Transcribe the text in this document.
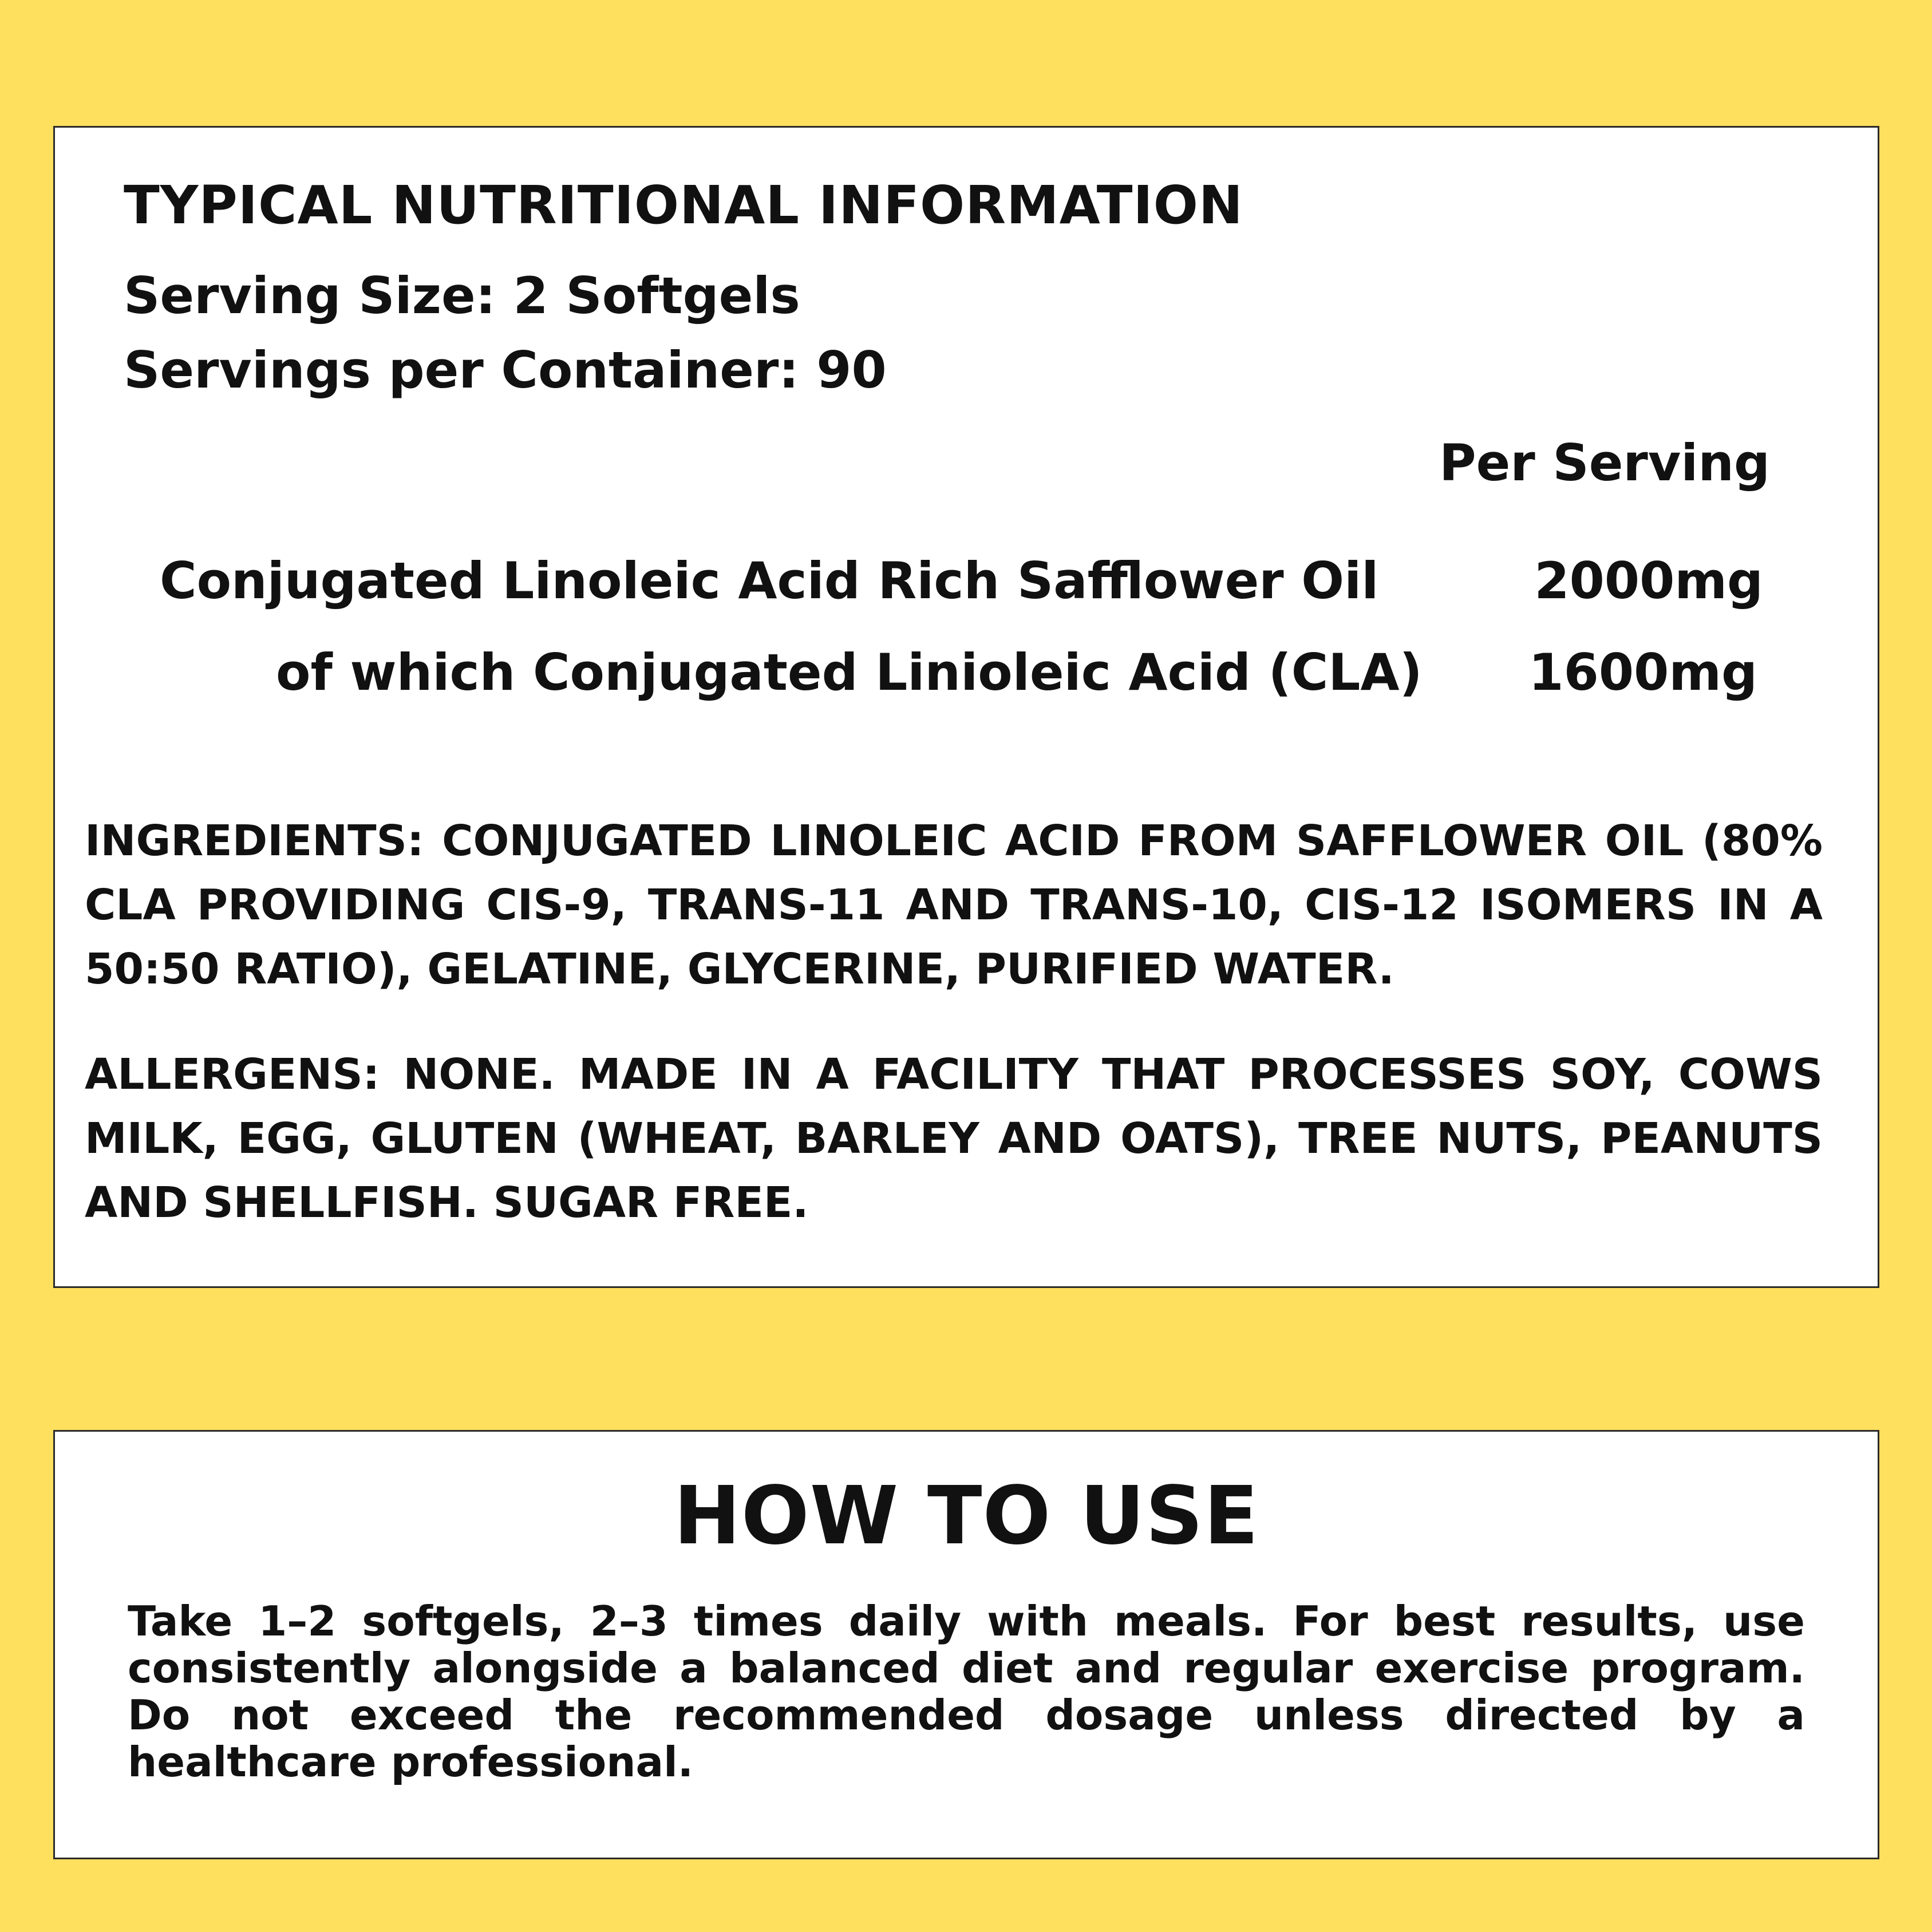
TYPICAL NUTRITIONAL INFORMATION
Serving Size: 2 Softgels
Servings per Container: 90
Per Serving
Conjugated Linoleic Acid Rich Safflower Oil	2000mg
of which Conjugated Linioleic Acid (CLA) 1600mg
INGREDIENTS: CONJUGATED LINOLEIC ACID FROM SAFFLOWER OIL (80% CLA PROVIDING CIS-9, TRANS-11 AND TRANS-10, CIS-12 ISOMERS IN A 50:50 RATIO), GELATINE, GLYCERINE, PURIFIED WATER.
ALLERGENS: NONE. MADE IN A FACILITY THAT PROCESSES SOY, COWS MILK, EGG, GLUTEN (WHEAT, BARLEY AND OATS), TREE NUTS, PEANUTS AND SHELLFISH. SUGAR FREE.
HOW TO USE
Take 1–2 softgels, 2–3 times daily with meals. For best results, use consistently alongside a balanced diet and regular exercise program. Do not exceed the recommended dosage unless directed by a healthcare professional.
